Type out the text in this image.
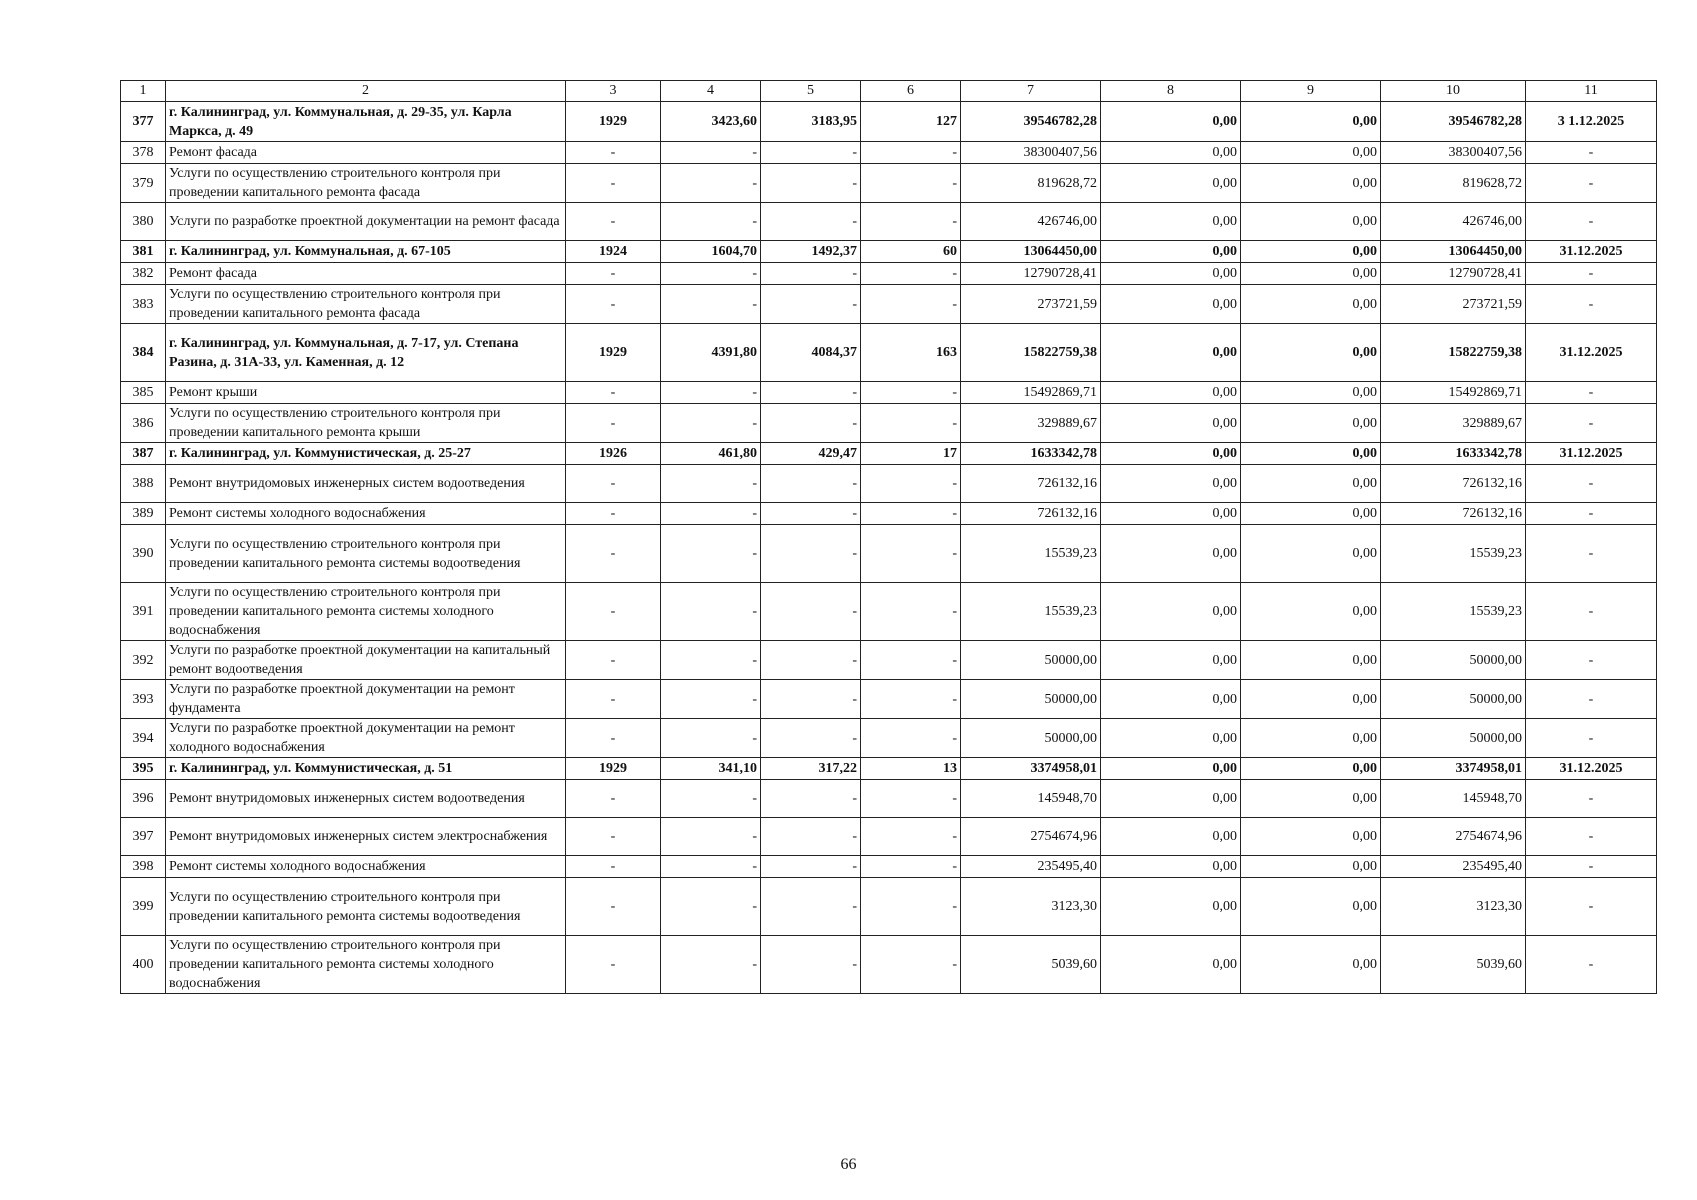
1	2	3	4	5	6	7	8	9	10	11
377	г. Калининград, ул. Коммунальная, д. 29-35, ул. Карла Маркса, д. 49	1929	3423,60	3183,95	127	39546782,28	0,00	0,00	39546782,28	3 1.12.2025
378	Ремонт фасада	-	-	-	-	38300407,56	0,00	0,00	38300407,56	-
379	Услуги по осуществлению строительного контроля при проведении капитального ремонта фасада	-	-	-	-	819628,72	0,00	0,00	819628,72	-
380	Услуги по разработке проектной документации на ремонт фасада	-	-	-	-	426746,00	0,00	0,00	426746,00	-
381	г. Калининград, ул. Коммунальная, д. 67-105	1924	1604,70	1492,37	60	13064450,00	0,00	0,00	13064450,00	31.12.2025
382	Ремонт фасада	-	-	-	-	12790728,41	0,00	0,00	12790728,41	-
383	Услуги по осуществлению строительного контроля при проведении капитального ремонта фасада	-	-	-	-	273721,59	0,00	0,00	273721,59	-
384	г. Калининград, ул. Коммунальная, д. 7-17, ул. Степана Разина, д. 31А-33, ул. Каменная, д. 12	1929	4391,80	4084,37	163	15822759,38	0,00	0,00	15822759,38	31.12.2025
385	Ремонт крыши	-	-	-	-	15492869,71	0,00	0,00	15492869,71	-
386	Услуги по осуществлению строительного контроля при проведении капитального ремонта крыши	-	-	-	-	329889,67	0,00	0,00	329889,67	-
387	г. Калининград, ул. Коммунистическая, д. 25-27	1926	461,80	429,47	17	1633342,78	0,00	0,00	1633342,78	31.12.2025
388	Ремонт внутридомовых инженерных систем водоотведения	-	-	-	-	726132,16	0,00	0,00	726132,16	-
389	Ремонт системы холодного водоснабжения	-	-	-	-	726132,16	0,00	0,00	726132,16	-
390	Услуги по осуществлению строительного контроля при проведении капитального ремонта системы водоотведения	-	-	-	-	15539,23	0,00	0,00	15539,23	-
391	Услуги по осуществлению строительного контроля при проведении капитального ремонта системы холодного водоснабжения	-	-	-	-	15539,23	0,00	0,00	15539,23	-
392	Услуги по разработке проектной документации на капитальный ремонт водоотведения	-	-	-	-	50000,00	0,00	0,00	50000,00	-
393	Услуги по разработке проектной документации на ремонт фундамента	-	-	-	-	50000,00	0,00	0,00	50000,00	-
394	Услуги по разработке проектной документации на ремонт холодного водоснабжения	-	-	-	-	50000,00	0,00	0,00	50000,00	-
395	г. Калининград, ул. Коммунистическая, д. 51	1929	341,10	317,22	13	3374958,01	0,00	0,00	3374958,01	31.12.2025
396	Ремонт внутридомовых инженерных систем водоотведения	-	-	-	-	145948,70	0,00	0,00	145948,70	-
397	Ремонт внутридомовых инженерных систем электроснабжения	-	-	-	-	2754674,96	0,00	0,00	2754674,96	-
398	Ремонт системы холодного водоснабжения	-	-	-	-	235495,40	0,00	0,00	235495,40	-
399	Услуги по осуществлению строительного контроля при проведении капитального ремонта системы водоотведения	-	-	-	-	3123,30	0,00	0,00	3123,30	-
400	Услуги по осуществлению строительного контроля при проведении капитального ремонта системы холодного водоснабжения	-	-	-	-	5039,60	0,00	0,00	5039,60	-
66
